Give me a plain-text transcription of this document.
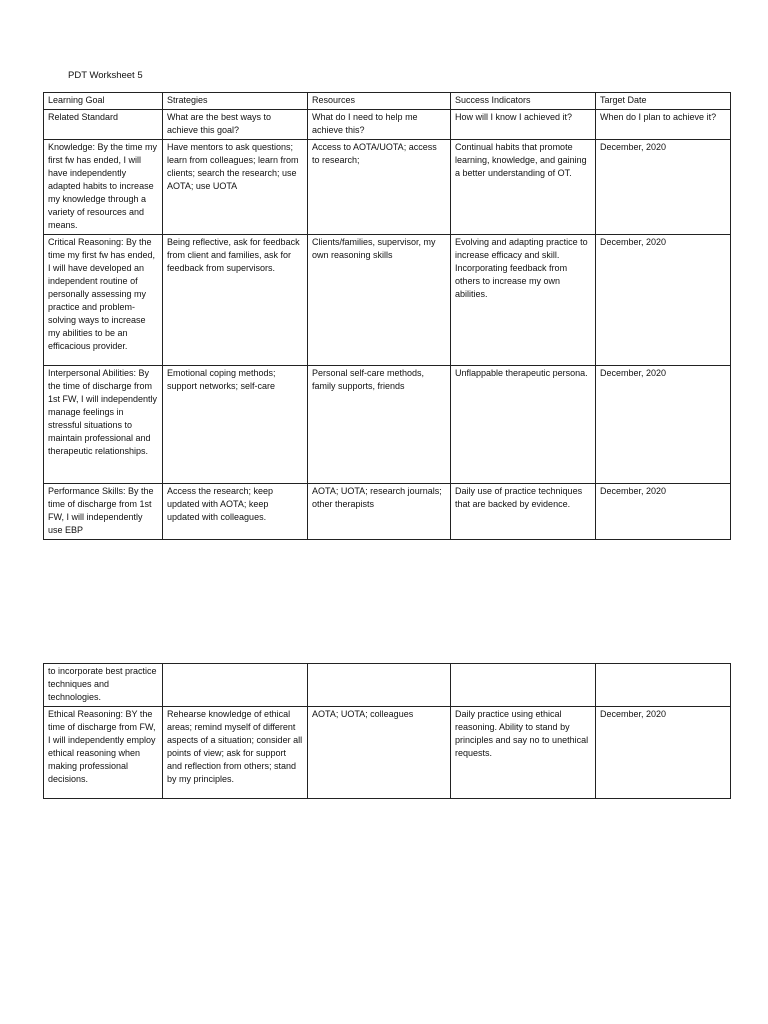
PDT Worksheet 5
Learning Goal	Strategies	Resources	Success Indicators	Target Date
Related Standard	What are the best ways to achieve this goal?	What do I need to help me achieve this?	How will I know I achieved it?	When do I plan to achieve it?
Knowledge: By the time my first fw has ended, I will have independently adapted habits to increase my knowledge through a variety of resources and means.	Have mentors to ask questions; learn from colleagues; learn from clients; search the research; use AOTA; use UOTA	Access to AOTA/UOTA; access to research;	Continual habits that promote learning, knowledge, and gaining a better understanding of OT.	December, 2020
Critical Reasoning: By the time my first fw has ended, I will have developed an independent routine of personally assessing my practice and problem-solving ways to increase my abilities to be an efficacious provider.	Being reflective, ask for feedback from client and families, ask for feedback from supervisors.	Clients/families, supervisor, my own reasoning skills	Evolving and adapting practice to increase efficacy and skill. Incorporating feedback from others to increase my own abilities.	December, 2020
Interpersonal Abilities: By the time of discharge from 1st FW, I will independently manage feelings in stressful situations to maintain professional and therapeutic relationships.	Emotional coping methods; support networks; self-care	Personal self-care methods, family supports, friends	Unflappable therapeutic persona.	December, 2020
Performance Skills: By the time of discharge from 1st FW, I will independently use EBP	Access the research; keep updated with AOTA; keep updated with colleagues.	AOTA; UOTA; research journals; other therapists	Daily use of practice techniques that are backed by evidence.	December, 2020
to incorporate best practice techniques and technologies.				
Ethical Reasoning: BY the time of discharge from FW, I will independently employ ethical reasoning when making professional decisions.	Rehearse knowledge of ethical areas; remind myself of different aspects of a situation; consider all points of view; ask for support and reflection from others; stand by my principles.	AOTA; UOTA; colleagues	Daily practice using ethical reasoning. Ability to stand by principles and say no to unethical requests.	December, 2020
